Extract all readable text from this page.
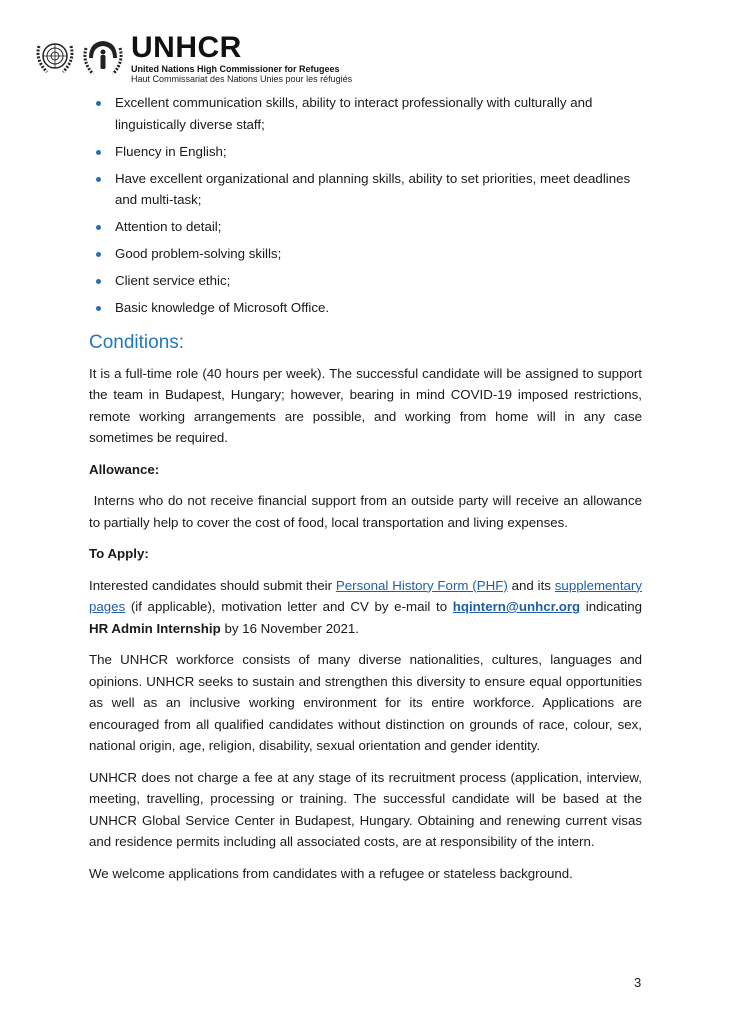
UNHCR
United Nations High Commissioner for Refugees
Haut Commissariat des Nations Unies pour les réfugiés
Excellent communication skills, ability to interact professionally with culturally and linguistically diverse staff;
Fluency in English;
Have excellent organizational and planning skills, ability to set priorities, meet deadlines and multi-task;
Attention to detail;
Good problem-solving skills;
Client service ethic;
Basic knowledge of Microsoft Office.
Conditions:

It is a full-time role (40 hours per week). The successful candidate will be assigned to support the team in Budapest, Hungary; however, bearing in mind COVID-19 imposed restrictions, remote working arrangements are possible, and working from home will in any case sometimes be required.

Allowance:

Interns who do not receive financial support from an outside party will receive an allowance to partially help to cover the cost of food, local transportation and living expenses.

To Apply:

Interested candidates should submit their Personal History Form (PHF) and its supplementary pages (if applicable), motivation letter and CV by e-mail to hqintern@unhcr.org indicating HR Admin Internship by 16 November 2021.

The UNHCR workforce consists of many diverse nationalities, cultures, languages and opinions. UNHCR seeks to sustain and strengthen this diversity to ensure equal opportunities as well as an inclusive working environment for its entire workforce. Applications are encouraged from all qualified candidates without distinction on grounds of race, colour, sex, national origin, age, religion, disability, sexual orientation and gender identity.

UNHCR does not charge a fee at any stage of its recruitment process (application, interview, meeting, travelling, processing or training. The successful candidate will be based at the UNHCR Global Service Center in Budapest, Hungary. Obtaining and renewing current visas and residence permits including all associated costs, are at responsibility of the intern.

We welcome applications from candidates with a refugee or stateless background.

3
